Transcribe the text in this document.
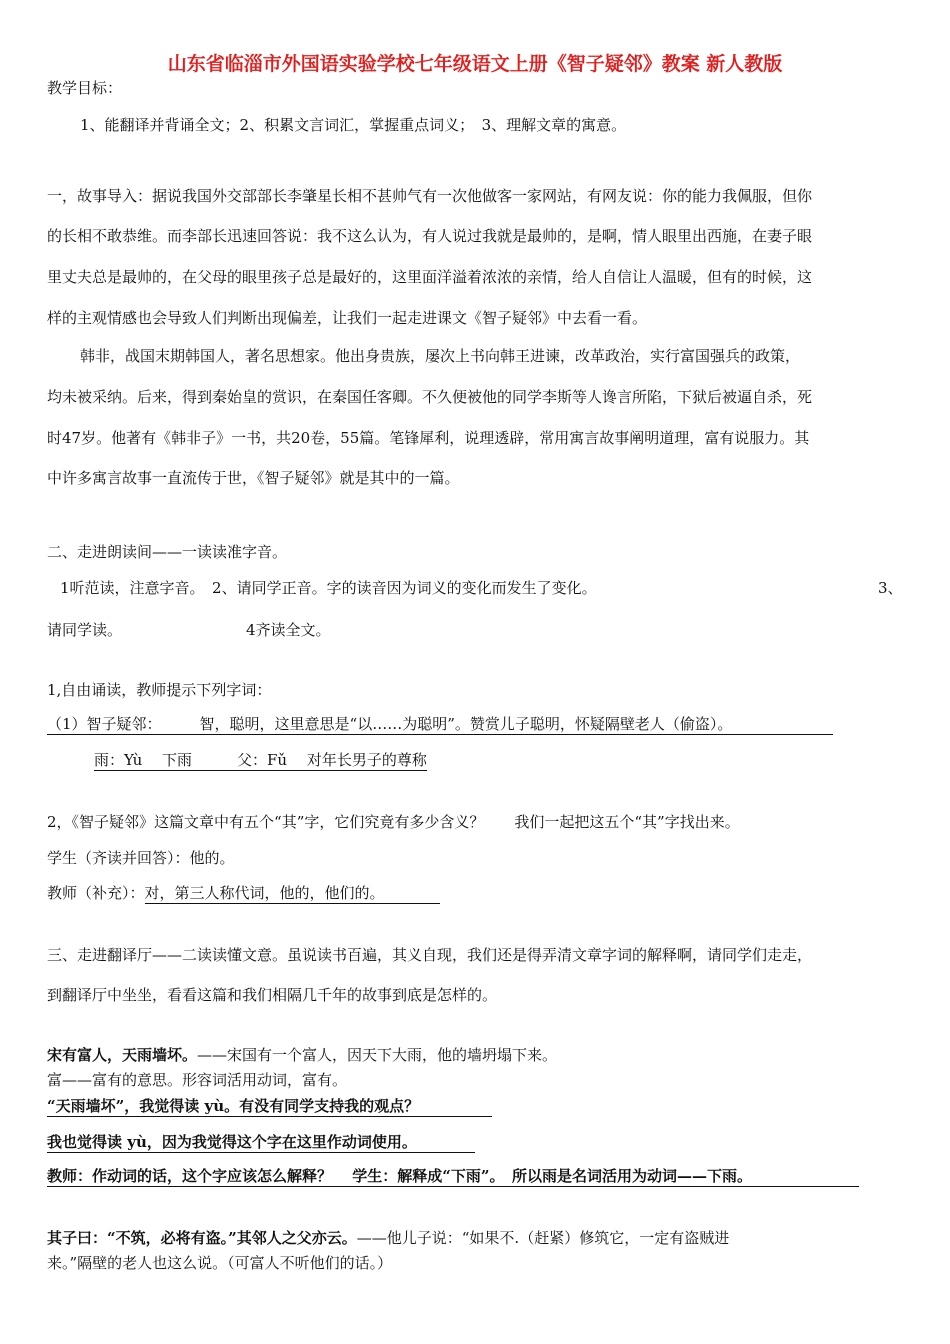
山东省临淄市外国语实验学校七年级语文上册《智子疑邻》教案 新人教版
教学目标：
1、能翻译并背诵全文；2、积累文言词汇，掌握重点词义；　3、理解文章的寓意。
一，故事导入：据说我国外交部部长李肇星长相不甚帅气有一次他做客一家网站，有网友说：你的能力我佩服，但你
的长相不敢恭维。而李部长迅速回答说：我不这么认为，有人说过我就是最帅的，是啊，情人眼里出西施，在妻子眼
里丈夫总是最帅的，在父母的眼里孩子总是最好的，这里面洋溢着浓浓的亲情，给人自信让人温暖，但有的时候，这
样的主观情感也会导致人们判断出现偏差，让我们一起走进课文《智子疑邻》中去看一看。
韩非，战国末期韩国人，著名思想家。他出身贵族，屡次上书向韩王进谏，改革政治，实行富国强兵的政策，
均未被采纳。后来，得到秦始皇的赏识，在秦国任客卿。不久便被他的同学李斯等人谗言所陷，下狱后被逼自杀，死
时47岁。他著有《韩非子》一书，共20卷，55篇。笔锋犀利，说理透辟，常用寓言故事阐明道理，富有说服力。其
中许多寓言故事一直流传于世，《智子疑邻》就是其中的一篇。
二、走进朗读间——一读读准字音。
1听范读，注意字音。　2、请同学正音。字的读音因为词义的变化而发生了变化。	3、
请同学读。	4齐读全文。
1,自由诵读，教师提示下列字词：
（1）智子疑邻：	智，聪明，这里意思是“以……为聪明”。赞赏儿子聪明，怀疑隔壁老人（偷盗）。
雨：Yù　 下雨　　　父：Fǔ　 对年长男子的尊称
2，《智子疑邻》这篇文章中有五个“其”字，它们究竟有多少含义？　　我们一起把这五个“其”字找出来。
学生（齐读并回答）：他的。
教师（补充）：对，第三人称代词，他的，他们的。
三、走进翻译厅——二读读懂文意。虽说读书百遍，其义自现，我们还是得弄清文章字词的解释啊，请同学们走走，
到翻译厅中坐坐，看看这篇和我们相隔几千年的故事到底是怎样的。
宋有富人，天雨墙坏。——宋国有一个富人，因天下大雨，他的墙坍塌下来。
富——富有的意思。形容词活用动词，富有。
“天雨墙坏”，我觉得读 yù。有没有同学支持我的观点？
我也觉得读 yù，因为我觉得这个字在这里作动词使用。
教师：作动词的话，这个字应该怎么解释？　 学生：解释成“下雨”。　所以雨是名词活用为动词——下雨。
其子曰：“不筑，必将有盗。”其邻人之父亦云。——他儿子说：“如果不.（赶紧）修筑它，一定有盗贼进
来。”隔壁的老人也这么说。（可富人不听他们的话。）
